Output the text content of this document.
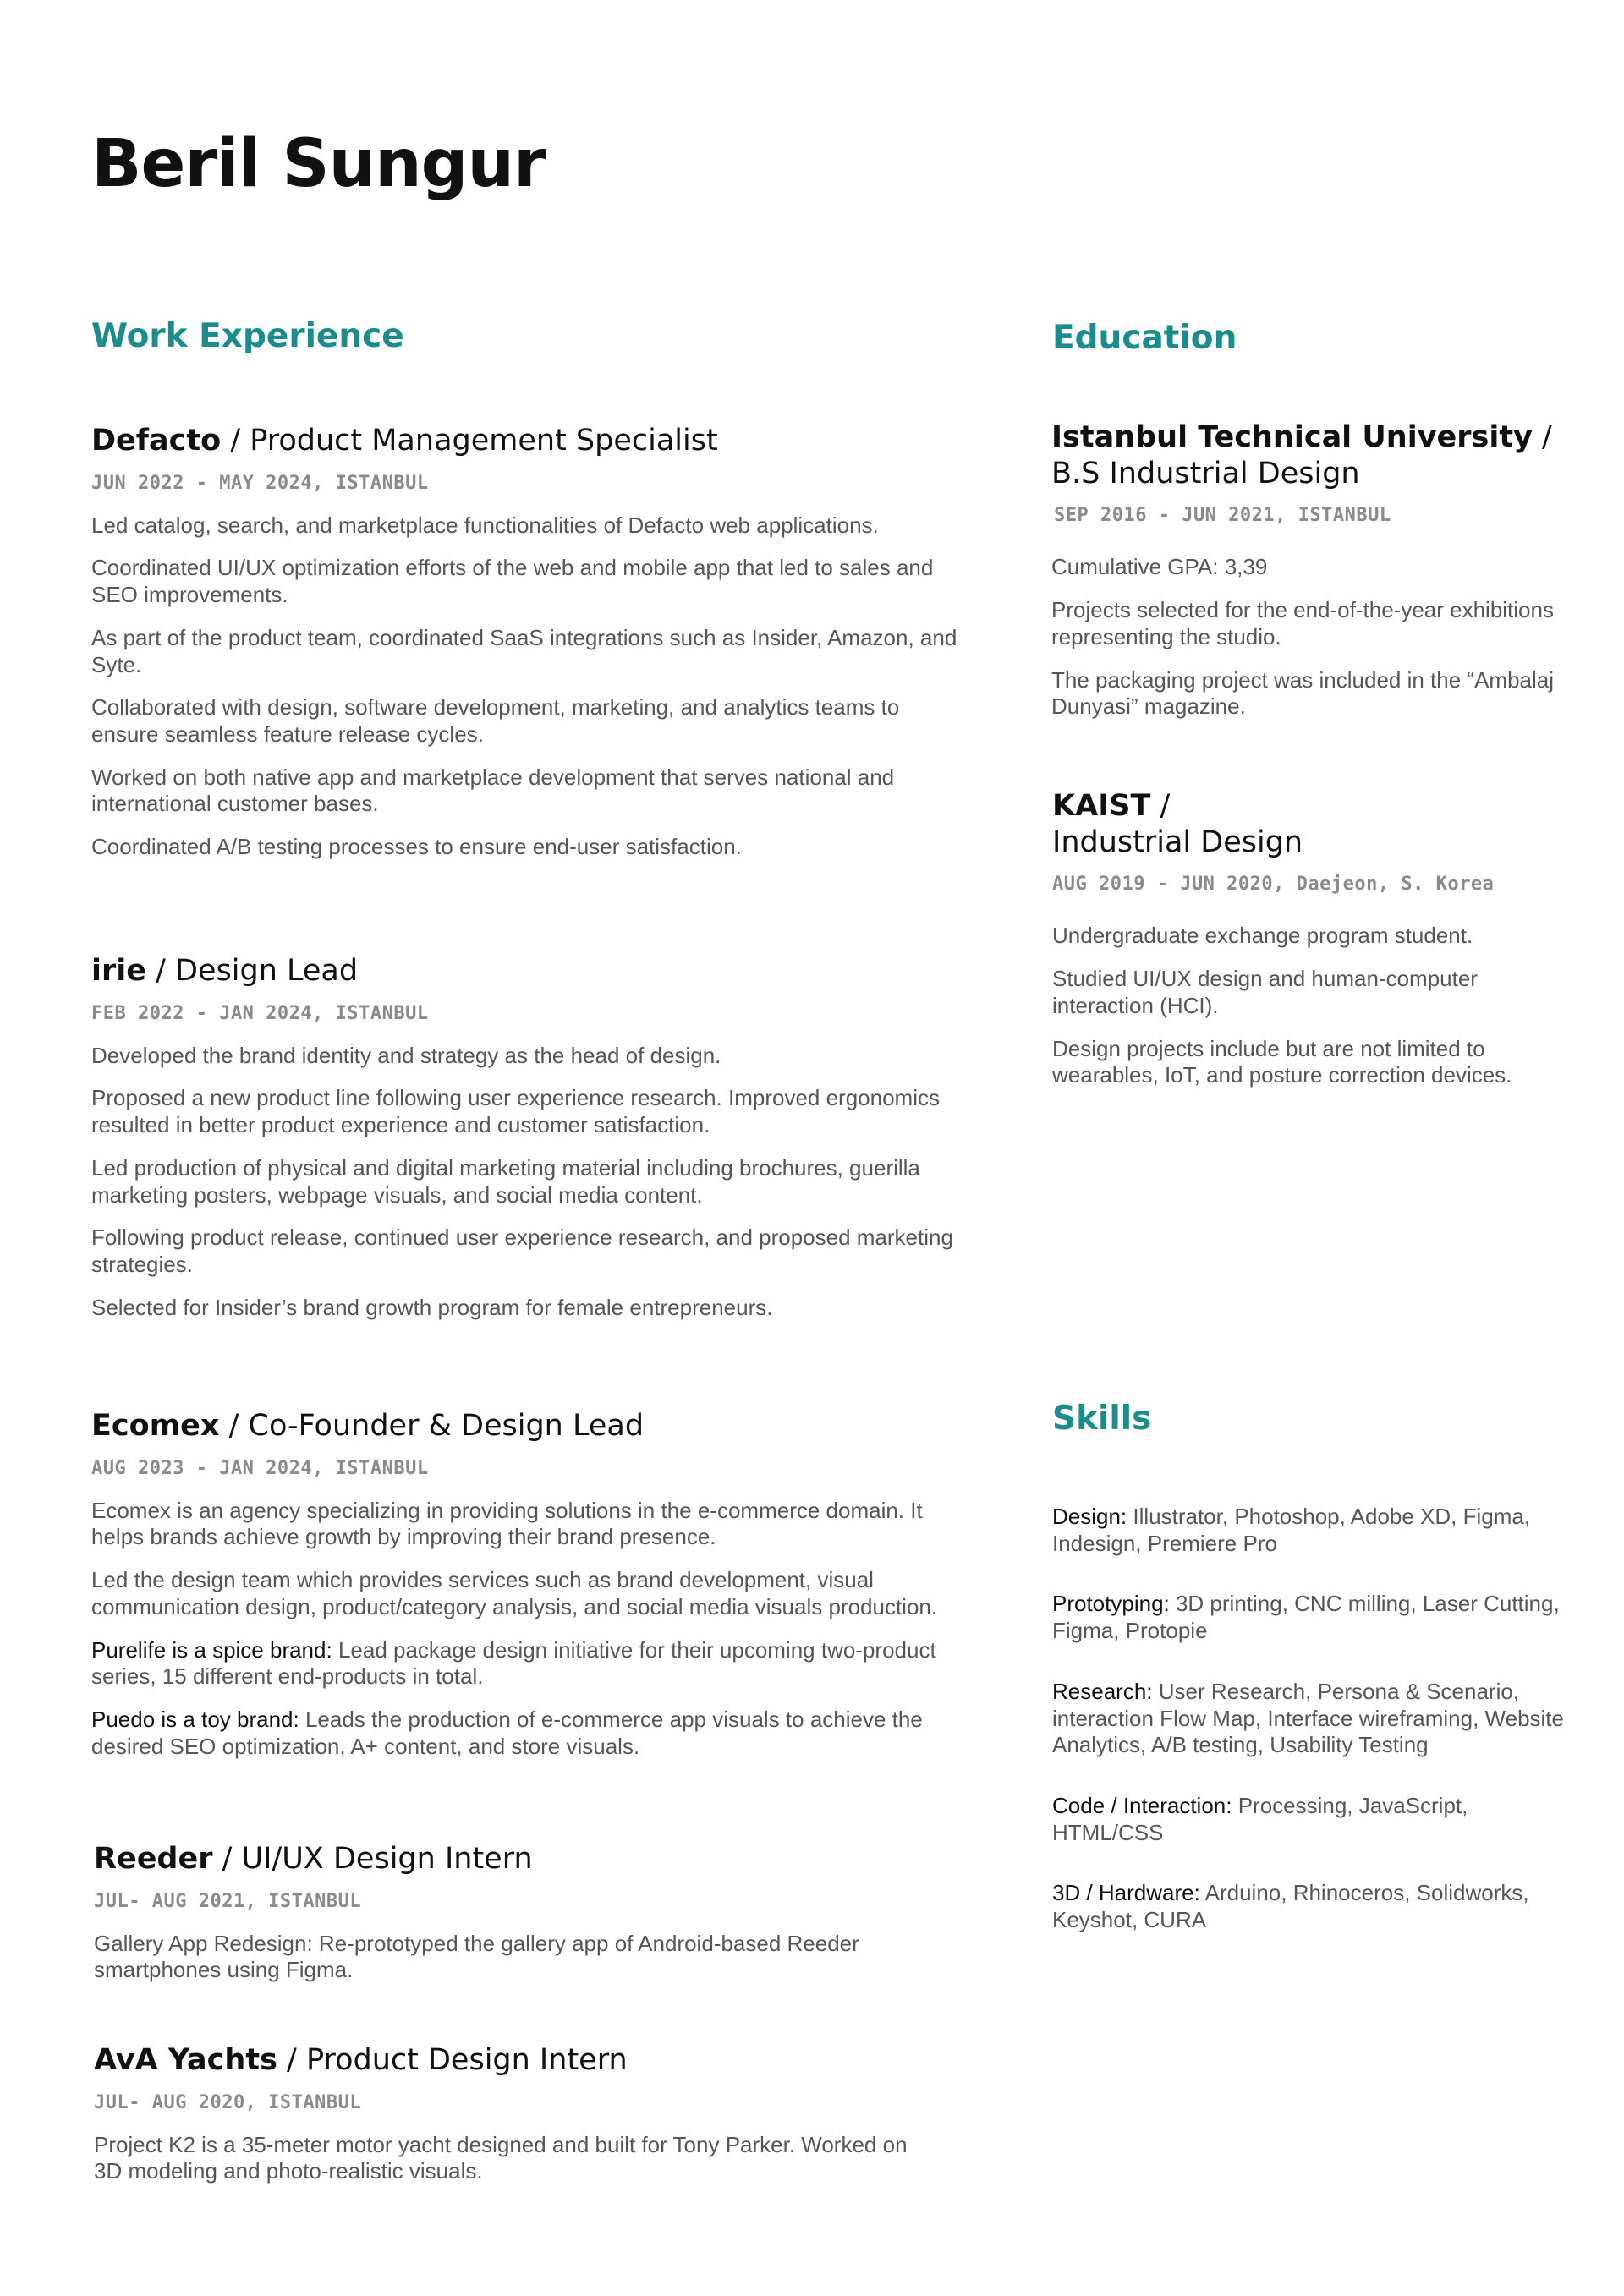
Beril Sungur
Work Experience	Education
Skills
Defacto / Product Management Specialist
JUN 2022 - MAY 2024, ISTANBUL
Led catalog, search, and marketplace functionalities of Defacto web applications.
Coordinated UI/UX optimization efforts of the web and mobile app that led to sales and SEO improvements.
As part of the product team, coordinated SaaS integrations such as Insider, Amazon, and Syte.
Collaborated with design, software development, marketing, and analytics teams to ensure seamless feature release cycles.
Worked on both native app and marketplace development that serves national and international customer bases.
Coordinated A/B testing processes to ensure end-user satisfaction.
irie / Design Lead
FEB 2022 - JAN 2024, ISTANBUL
Developed the brand identity and strategy as the head of design.
Proposed a new product line following user experience research. Improved ergonomics resulted in better product experience and customer satisfaction.
Led production of physical and digital marketing material including brochures, guerilla marketing posters, webpage visuals, and social media content.
Following product release, continued user experience research, and proposed marketing strategies.
Selected for Insider’s brand growth program for female entrepreneurs.
Ecomex / Co-Founder & Design Lead
AUG 2023 - JAN 2024, ISTANBUL
Ecomex is an agency specializing in providing solutions in the e-commerce domain. It helps brands achieve growth by improving their brand presence.
Led the design team which provides services such as brand development, visual communication design, product/category analysis, and social media visuals production.
Purelife is a spice brand: Lead package design initiative for their upcoming two-product series, 15 different end-products in total.
Puedo is a toy brand: Leads the production of e-commerce app visuals to achieve the desired SEO optimization, A+ content, and store visuals.
Reeder / UI/UX Design Intern
JUL- AUG 2021, ISTANBUL
Gallery App Redesign: Re-prototyped the gallery app of Android-based Reeder smartphones using Figma.
AvA Yachts / Product Design Intern
JUL- AUG 2020, ISTANBUL
Project K2 is a 35-meter motor yacht designed and built for Tony Parker. Worked on 3D modeling and photo-realistic visuals.
Istanbul Technical University /
B.S Industrial Design
SEP 2016 - JUN 2021, ISTANBUL
Cumulative GPA: 3,39
Projects selected for the end-of-the-year exhibitions representing the studio.
The packaging project was included in the “Ambalaj Dunyasi” magazine.
KAIST /
Industrial Design
AUG 2019 - JUN 2020, Daejeon, S. Korea
Undergraduate exchange program student.
Studied UI/UX design and human-computer interaction (HCI).
Design projects include but are not limited to wearables, IoT, and posture correction devices.
Design: Illustrator, Photoshop, Adobe XD, Figma, Indesign, Premiere Pro
Prototyping: 3D printing, CNC milling, Laser Cutting, Figma, Protopie
Research: User Research, Persona & Scenario, interaction Flow Map, Interface wireframing, Website Analytics, A/B testing, Usability Testing
Code / Interaction: Processing, JavaScript, HTML/CSS
3D / Hardware: Arduino, Rhinoceros, Solidworks, Keyshot, CURA
